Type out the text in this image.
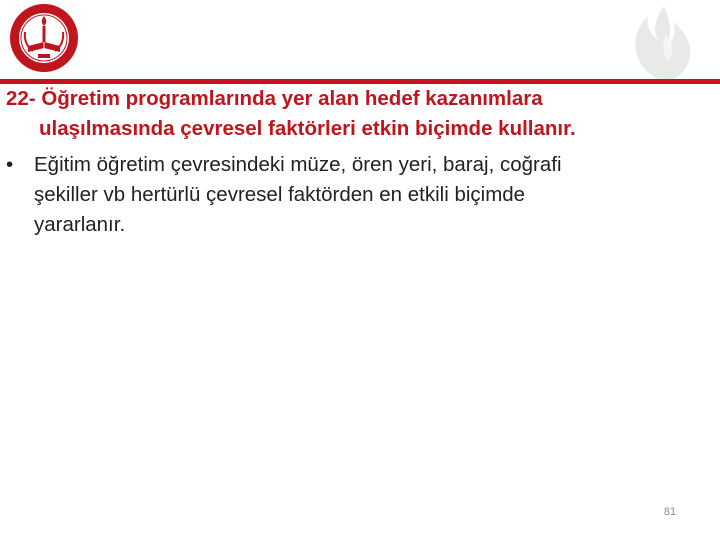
22- Öğretim programlarında yer alan hedef kazanımlara
ulaşılmasında çevresel faktörleri etkin biçimde kullanır.

•	Eğitim öğretim çevresindeki müze, ören yeri, baraj, coğrafi
şekiller vb hertürlü çevresel faktörden en etkili biçimde
yararlanır.
81
